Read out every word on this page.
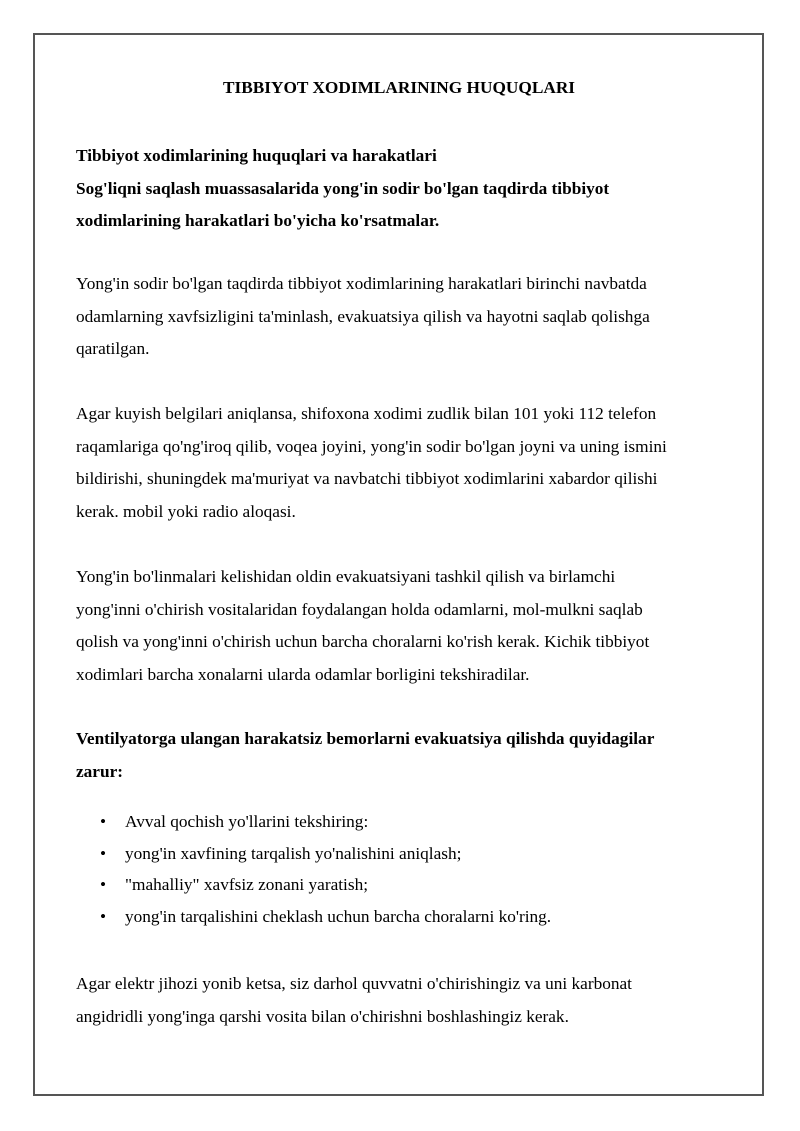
TIBBIYOT XODIMLARINING HUQUQLARI
Tibbiyot xodimlarining huquqlari va harakatlari
Sog'liqni saqlash muassasalarida yong'in sodir bo'lgan taqdirda tibbiyot
xodimlarining harakatlari bo'yicha ko'rsatmalar.
Yong'in sodir bo'lgan taqdirda tibbiyot xodimlarining harakatlari birinchi navbatda
odamlarning xavfsizligini ta'minlash, evakuatsiya qilish va hayotni saqlab qolishga
qaratilgan.
Agar kuyish belgilari aniqlansa, shifoxona xodimi zudlik bilan 101 yoki 112 telefon
raqamlariga qo'ng'iroq qilib, voqea joyini, yong'in sodir bo'lgan joyni va uning ismini
bildirishi, shuningdek ma'muriyat va navbatchi tibbiyot xodimlarini xabardor qilishi
kerak. mobil yoki radio aloqasi.
Yong'in bo'linmalari kelishidan oldin evakuatsiyani tashkil qilish va birlamchi
yong'inni o'chirish vositalaridan foydalangan holda odamlarni, mol-mulkni saqlab
qolish va yong'inni o'chirish uchun barcha choralarni ko'rish kerak. Kichik tibbiyot
xodimlari barcha xonalarni ularda odamlar borligini tekshiradilar.
Ventilyatorga ulangan harakatsiz bemorlarni evakuatsiya qilishda quyidagilar
zarur:
• Avval qochish yo'llarini tekshiring:
• yong'in xavfining tarqalish yo'nalishini aniqlash;
• "mahalliy" xavfsiz zonani yaratish;
• yong'in tarqalishini cheklash uchun barcha choralarni ko'ring.
Agar elektr jihozi yonib ketsa, siz darhol quvvatni o'chirishingiz va uni karbonat
angidridli yong'inga qarshi vosita bilan o'chirishni boshlashingiz kerak.
